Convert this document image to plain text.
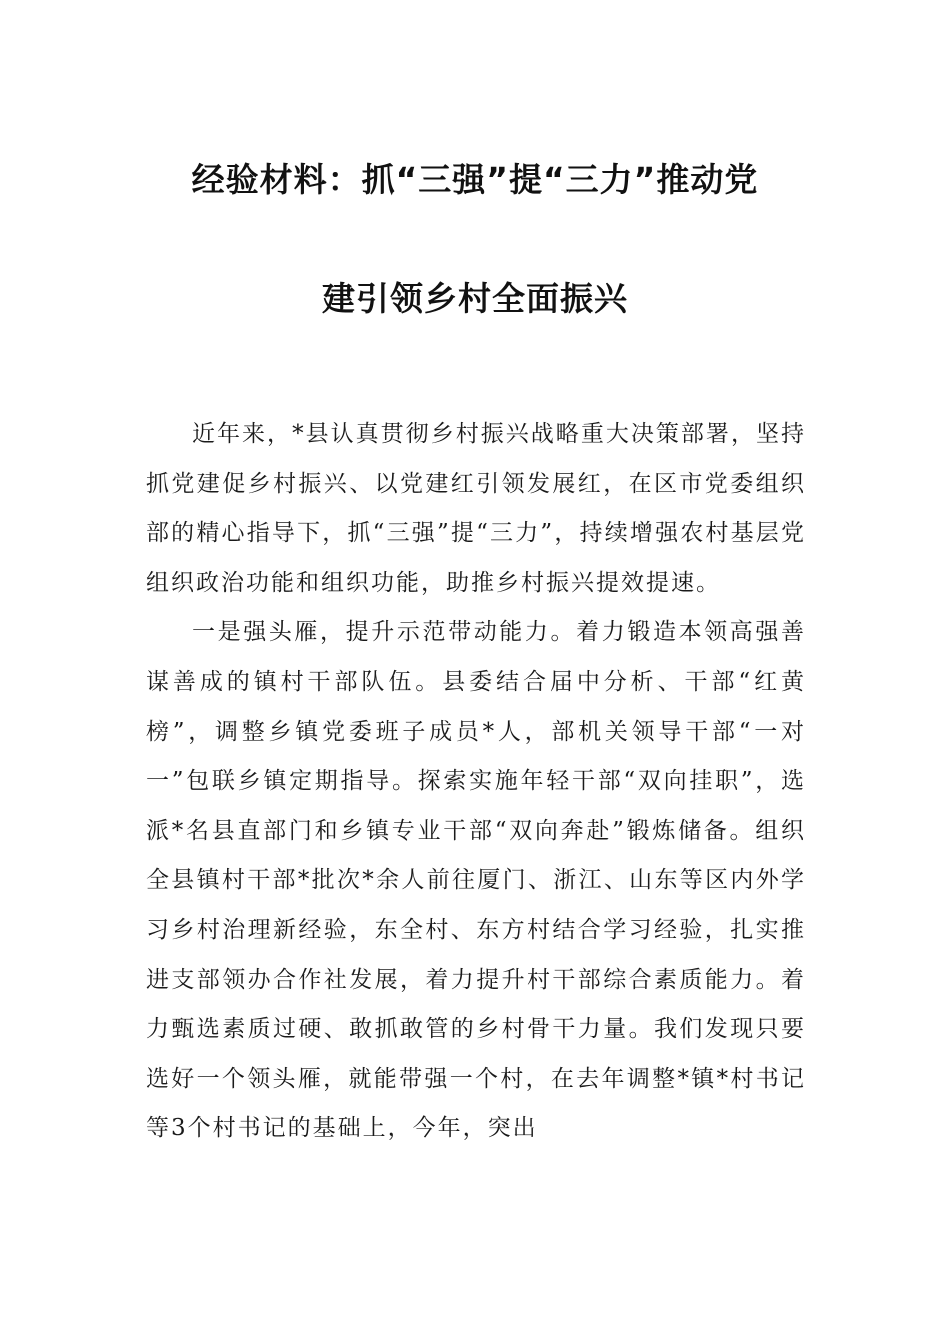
经验材料：抓“三强”提“三力”推动党
建引领乡村全面振兴

近年来，*县认真贯彻乡村振兴战略重大决策部署，坚持抓党建促乡村振兴、以党建红引领发展红，在区市党委组织部的精心指导下，抓“三强”提“三力”，持续增强农村基层党组织政治功能和组织功能，助推乡村振兴提效提速。

一是强头雁，提升示范带动能力。着力锻造本领高强善谋善成的镇村干部队伍。县委结合届中分析、干部“红黄榜”，调整乡镇党委班子成员*人，部机关领导干部“一对一”包联乡镇定期指导。探索实施年轻干部“双向挂职”，选派*名县直部门和乡镇专业干部“双向奔赴”锻炼储备。组织全县镇村干部*批次*余人前往厦门、浙江、山东等区内外学习乡村治理新经验，东全村、东方村结合学习经验，扎实推进支部领办合作社发展，着力提升村干部综合素质能力。着力甄选素质过硬、敢抓敢管的乡村骨干力量。我们发现只要选好一个领头雁，就能带强一个村，在去年调整*镇*村书记等3个村书记的基础上，今年，突出
